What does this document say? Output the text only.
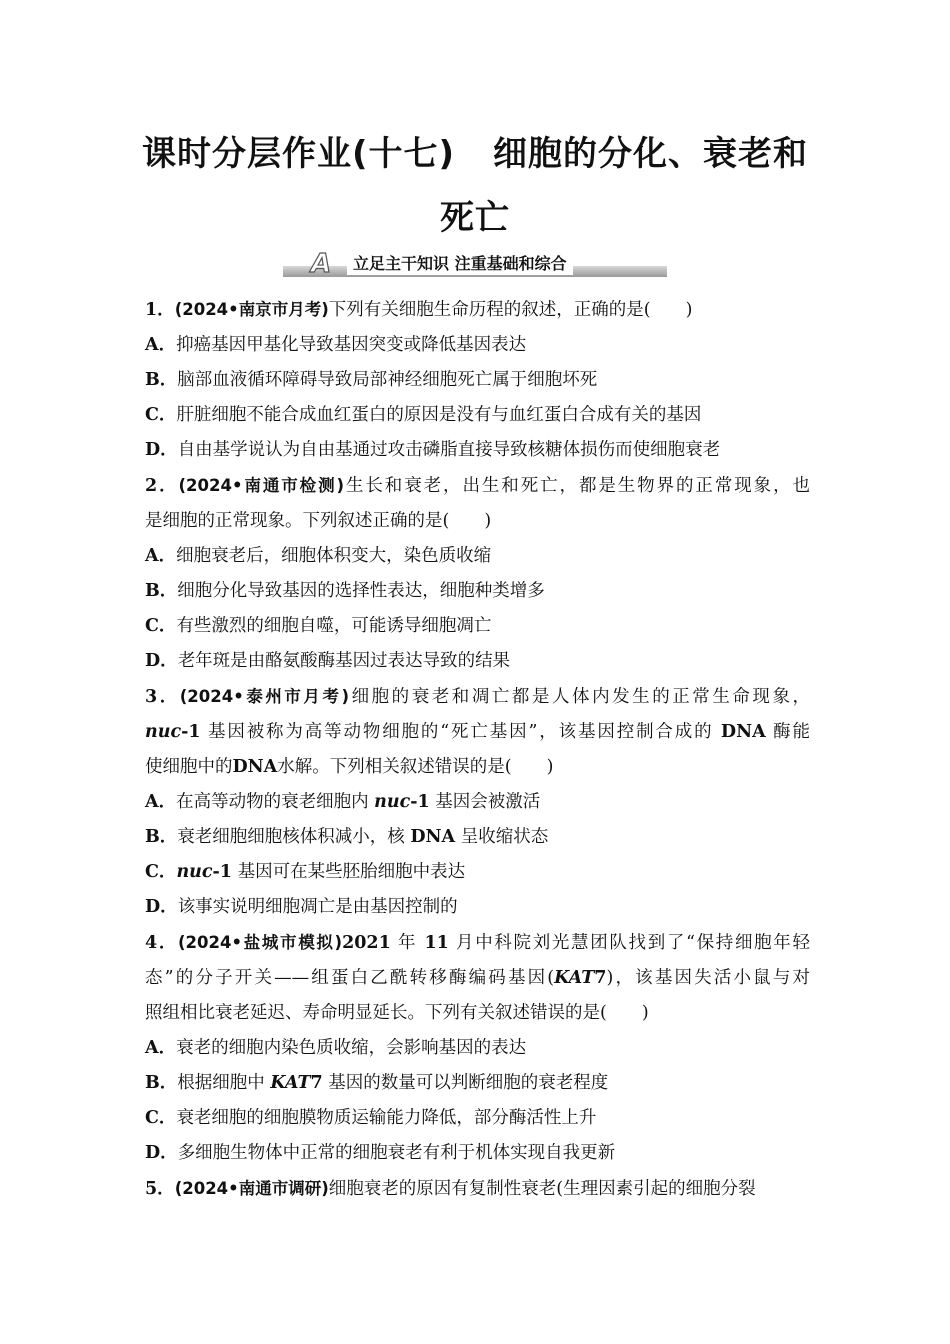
课时分层作业(十七) 细胞的分化、衰老和
死亡
A	立足主干知识 注重基础和综合
1．(2024•南京市月考)下列有关细胞生命历程的叙述，正确的是(　　)
A．抑癌基因甲基化导致基因突变或降低基因表达
B．脑部血液循环障碍导致局部神经细胞死亡属于细胞坏死
C．肝脏细胞不能合成血红蛋白的原因是没有与血红蛋白合成有关的基因
D．自由基学说认为自由基通过攻击磷脂直接导致核糖体损伤而使细胞衰老
2．(2024•南通市检测)生长和衰老，出生和死亡，都是生物界的正常现象，也
是细胞的正常现象。下列叙述正确的是(　　)
A．细胞衰老后，细胞体积变大，染色质收缩
B．细胞分化导致基因的选择性表达，细胞种类增多
C．有些激烈的细胞自噬，可能诱导细胞凋亡
D．老年斑是由酪氨酸酶基因过表达导致的结果
3．(2024•泰州市月考)细胞的衰老和凋亡都是人体内发生的正常生命现象，
nuc-1 基因被称为高等动物细胞的“死亡基因”，该基因控制合成的 DNA 酶能
使细胞中的DNA水解。下列相关叙述错误的是(　　)
A．在高等动物的衰老细胞内 nuc-1 基因会被激活
B．衰老细胞细胞核体积减小，核 DNA 呈收缩状态
C．nuc-1 基因可在某些胚胎细胞中表达
D．该事实说明细胞凋亡是由基因控制的
4．(2024•盐城市模拟)2021 年 11 月中科院刘光慧团队找到了“保持细胞年轻
态”的分子开关——组蛋白乙酰转移酶编码基因(KAT7)，该基因失活小鼠与对
照组相比衰老延迟、寿命明显延长。下列有关叙述错误的是(　　)
A．衰老的细胞内染色质收缩，会影响基因的表达
B．根据细胞中 KAT7 基因的数量可以判断细胞的衰老程度
C．衰老细胞的细胞膜物质运输能力降低，部分酶活性上升
D．多细胞生物体中正常的细胞衰老有利于机体实现自我更新
5．(2024•南通市调研)细胞衰老的原因有复制性衰老(生理因素引起的细胞分裂
